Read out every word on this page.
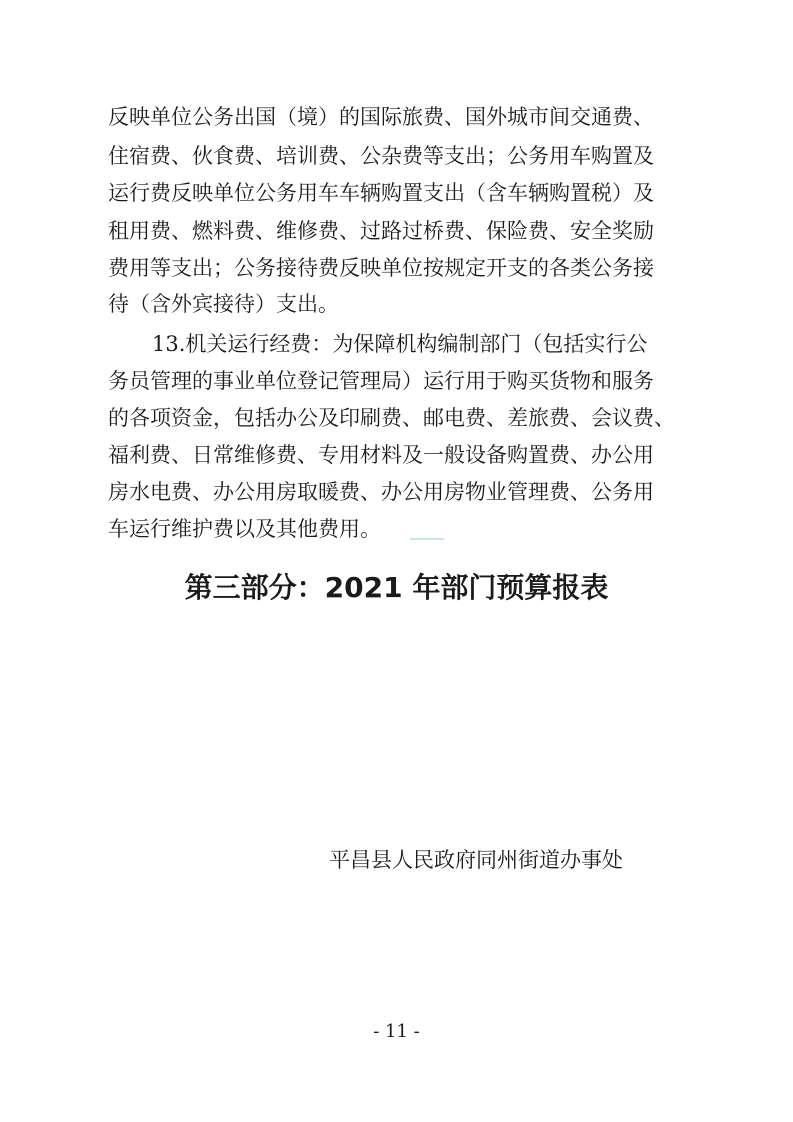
反映单位公务出国（境）的国际旅费、国外城市间交通费、
住宿费、伙食费、培训费、公杂费等支出；公务用车购置及
运行费反映单位公务用车车辆购置支出（含车辆购置税）及
租用费、燃料费、维修费、过路过桥费、保险费、安全奖励
费用等支出；公务接待费反映单位按规定开支的各类公务接
待（含外宾接待）支出。
13.机关运行经费：为保障机构编制部门（包括实行公
务员管理的事业单位登记管理局）运行用于购买货物和服务
的各项资金，包括办公及印刷费、邮电费、差旅费、会议费、
福利费、日常维修费、专用材料及一般设备购置费、办公用
房水电费、办公用房取暖费、办公用房物业管理费、公务用
车运行维护费以及其他费用。
第三部分：2021 年部门预算报表
平昌县人民政府同州街道办事处
- 11 -
